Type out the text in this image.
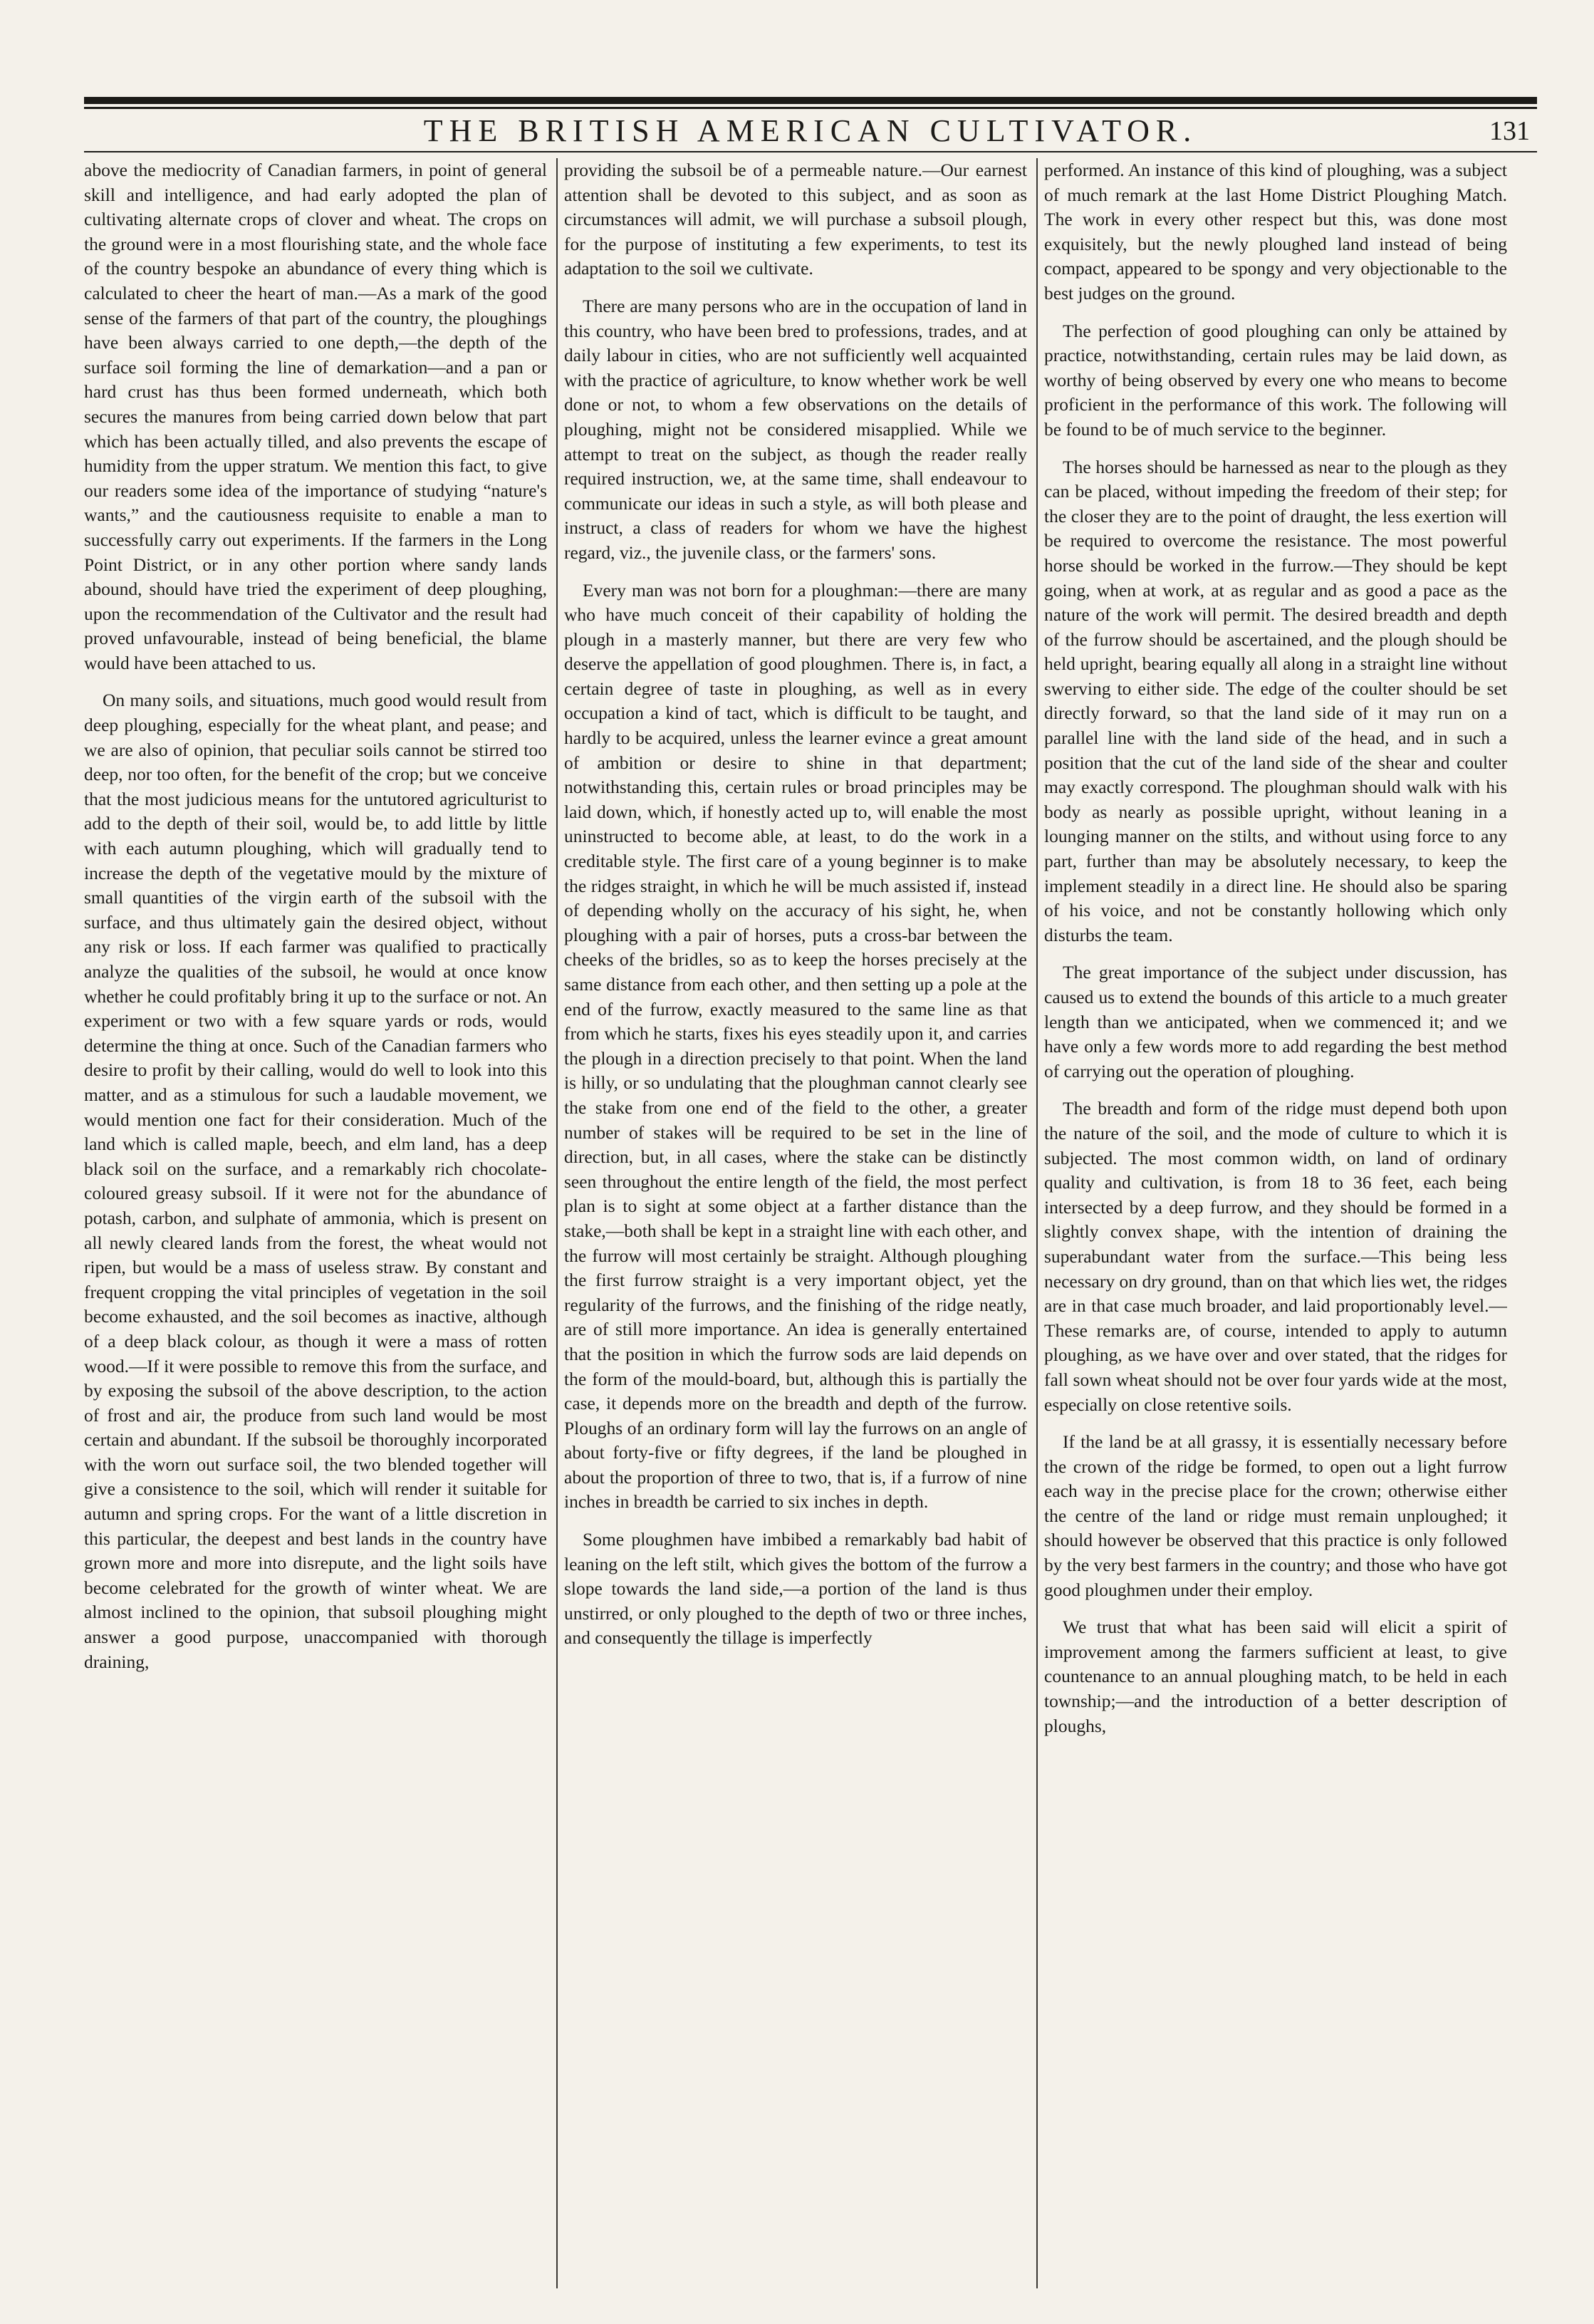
THE BRITISH AMERICAN CULTIVATOR.	131

above the mediocrity of Canadian farmers, in point of general skill and intelligence, and had early adopted the plan of cultivating alternate crops of clover and wheat. The crops on the ground were in a most flourishing state, and the whole face of the country bespoke an abundance of every thing which is calculated to cheer the heart of man.—As a mark of the good sense of the farmers of that part of the country, the ploughings have been always carried to one depth,—the depth of the surface soil forming the line of demarkation—and a pan or hard crust has thus been formed underneath, which both secures the manures from being carried down below that part which has been actually tilled, and also prevents the escape of humidity from the upper stratum. We mention this fact, to give our readers some idea of the importance of studying “nature's wants,” and the cautiousness requisite to enable a man to successfully carry out experiments. If the farmers in the Long Point District, or in any other portion where sandy lands abound, should have tried the experiment of deep ploughing, upon the recommendation of the Cultivator and the result had proved unfavourable, instead of being beneficial, the blame would have been attached to us.

On many soils, and situations, much good would result from deep ploughing, especially for the wheat plant, and pease; and we are also of opinion, that peculiar soils cannot be stirred too deep, nor too often, for the benefit of the crop; but we conceive that the most judicious means for the untutored agriculturist to add to the depth of their soil, would be, to add little by little with each autumn ploughing, which will gradually tend to increase the depth of the vegetative mould by the mixture of small quantities of the virgin earth of the subsoil with the surface, and thus ultimately gain the desired object, without any risk or loss. If each farmer was qualified to practically analyze the qualities of the subsoil, he would at once know whether he could profitably bring it up to the surface or not. An experiment or two with a few square yards or rods, would determine the thing at once. Such of the Canadian farmers who desire to profit by their calling, would do well to look into this matter, and as a stimulous for such a laudable movement, we would mention one fact for their consideration. Much of the land which is called maple, beech, and elm land, has a deep black soil on the surface, and a remarkably rich chocolate-coloured greasy subsoil. If it were not for the abundance of potash, carbon, and sulphate of ammonia, which is present on all newly cleared lands from the forest, the wheat would not ripen, but would be a mass of useless straw. By constant and frequent cropping the vital principles of vegetation in the soil become exhausted, and the soil becomes as inactive, although of a deep black colour, as though it were a mass of rotten wood.—If it were possible to remove this from the surface, and by exposing the subsoil of the above description, to the action of frost and air, the produce from such land would be most certain and abundant. If the subsoil be thoroughly incorporated with the worn out surface soil, the two blended together will give a consistence to the soil, which will render it suitable for autumn and spring crops. For the want of a little discretion in this particular, the deepest and best lands in the country have grown more and more into disrepute, and the light soils have become celebrated for the growth of winter wheat. We are almost inclined to the opinion, that subsoil ploughing might answer a good purpose, unaccompanied with thorough draining,

providing the subsoil be of a permeable nature.—Our earnest attention shall be devoted to this subject, and as soon as circumstances will admit, we will purchase a subsoil plough, for the purpose of instituting a few experiments, to test its adaptation to the soil we cultivate.

There are many persons who are in the occupation of land in this country, who have been bred to professions, trades, and at daily labour in cities, who are not sufficiently well acquainted with the practice of agriculture, to know whether work be well done or not, to whom a few observations on the details of ploughing, might not be considered misapplied. While we attempt to treat on the subject, as though the reader really required instruction, we, at the same time, shall endeavour to communicate our ideas in such a style, as will both please and instruct, a class of readers for whom we have the highest regard, viz., the juvenile class, or the farmers' sons.

Every man was not born for a ploughman:—there are many who have much conceit of their capability of holding the plough in a masterly manner, but there are very few who deserve the appellation of good ploughmen. There is, in fact, a certain degree of taste in ploughing, as well as in every occupation a kind of tact, which is difficult to be taught, and hardly to be acquired, unless the learner evince a great amount of ambition or desire to shine in that department; notwithstanding this, certain rules or broad principles may be laid down, which, if honestly acted up to, will enable the most uninstructed to become able, at least, to do the work in a creditable style. The first care of a young beginner is to make the ridges straight, in which he will be much assisted if, instead of depending wholly on the accuracy of his sight, he, when ploughing with a pair of horses, puts a cross-bar between the cheeks of the bridles, so as to keep the horses precisely at the same distance from each other, and then setting up a pole at the end of the furrow, exactly measured to the same line as that from which he starts, fixes his eyes steadily upon it, and carries the plough in a direction precisely to that point. When the land is hilly, or so undulating that the ploughman cannot clearly see the stake from one end of the field to the other, a greater number of stakes will be required to be set in the line of direction, but, in all cases, where the stake can be distinctly seen throughout the entire length of the field, the most perfect plan is to sight at some object at a farther distance than the stake,—both shall be kept in a straight line with each other, and the furrow will most certainly be straight. Although ploughing the first furrow straight is a very important object, yet the regularity of the furrows, and the finishing of the ridge neatly, are of still more importance. An idea is generally entertained that the position in which the furrow sods are laid depends on the form of the mould-board, but, although this is partially the case, it depends more on the breadth and depth of the furrow. Ploughs of an ordinary form will lay the furrows on an angle of about forty-five or fifty degrees, if the land be ploughed in about the proportion of three to two, that is, if a furrow of nine inches in breadth be carried to six inches in depth.

Some ploughmen have imbibed a remarkably bad habit of leaning on the left stilt, which gives the bottom of the furrow a slope towards the land side,—a portion of the land is thus unstirred, or only ploughed to the depth of two or three inches, and consequently the tillage is imperfectly

performed. An instance of this kind of ploughing, was a subject of much remark at the last Home District Ploughing Match. The work in every other respect but this, was done most exquisitely, but the newly ploughed land instead of being compact, appeared to be spongy and very objectionable to the best judges on the ground.

The perfection of good ploughing can only be attained by practice, notwithstanding, certain rules may be laid down, as worthy of being observed by every one who means to become proficient in the performance of this work. The following will be found to be of much service to the beginner.

The horses should be harnessed as near to the plough as they can be placed, without impeding the freedom of their step; for the closer they are to the point of draught, the less exertion will be required to overcome the resistance. The most powerful horse should be worked in the furrow.—They should be kept going, when at work, at as regular and as good a pace as the nature of the work will permit. The desired breadth and depth of the furrow should be ascertained, and the plough should be held upright, bearing equally all along in a straight line without swerving to either side. The edge of the coulter should be set directly forward, so that the land side of it may run on a parallel line with the land side of the head, and in such a position that the cut of the land side of the shear and coulter may exactly correspond. The ploughman should walk with his body as nearly as possible upright, without leaning in a lounging manner on the stilts, and without using force to any part, further than may be absolutely necessary, to keep the implement steadily in a direct line. He should also be sparing of his voice, and not be constantly hollowing which only disturbs the team.

The great importance of the subject under discussion, has caused us to extend the bounds of this article to a much greater length than we anticipated, when we commenced it; and we have only a few words more to add regarding the best method of carrying out the operation of ploughing.

The breadth and form of the ridge must depend both upon the nature of the soil, and the mode of culture to which it is subjected. The most common width, on land of ordinary quality and cultivation, is from 18 to 36 feet, each being intersected by a deep furrow, and they should be formed in a slightly convex shape, with the intention of draining the superabundant water from the surface.—This being less necessary on dry ground, than on that which lies wet, the ridges are in that case much broader, and laid proportionably level.—These remarks are, of course, intended to apply to autumn ploughing, as we have over and over stated, that the ridges for fall sown wheat should not be over four yards wide at the most, especially on close retentive soils.

If the land be at all grassy, it is essentially necessary before the crown of the ridge be formed, to open out a light furrow each way in the precise place for the crown; otherwise either the centre of the land or ridge must remain unploughed; it should however be observed that this practice is only followed by the very best farmers in the country; and those who have got good ploughmen under their employ.

We trust that what has been said will elicit a spirit of improvement among the farmers sufficient at least, to give countenance to an annual ploughing match, to be held in each township;—and the introduction of a better description of ploughs,
